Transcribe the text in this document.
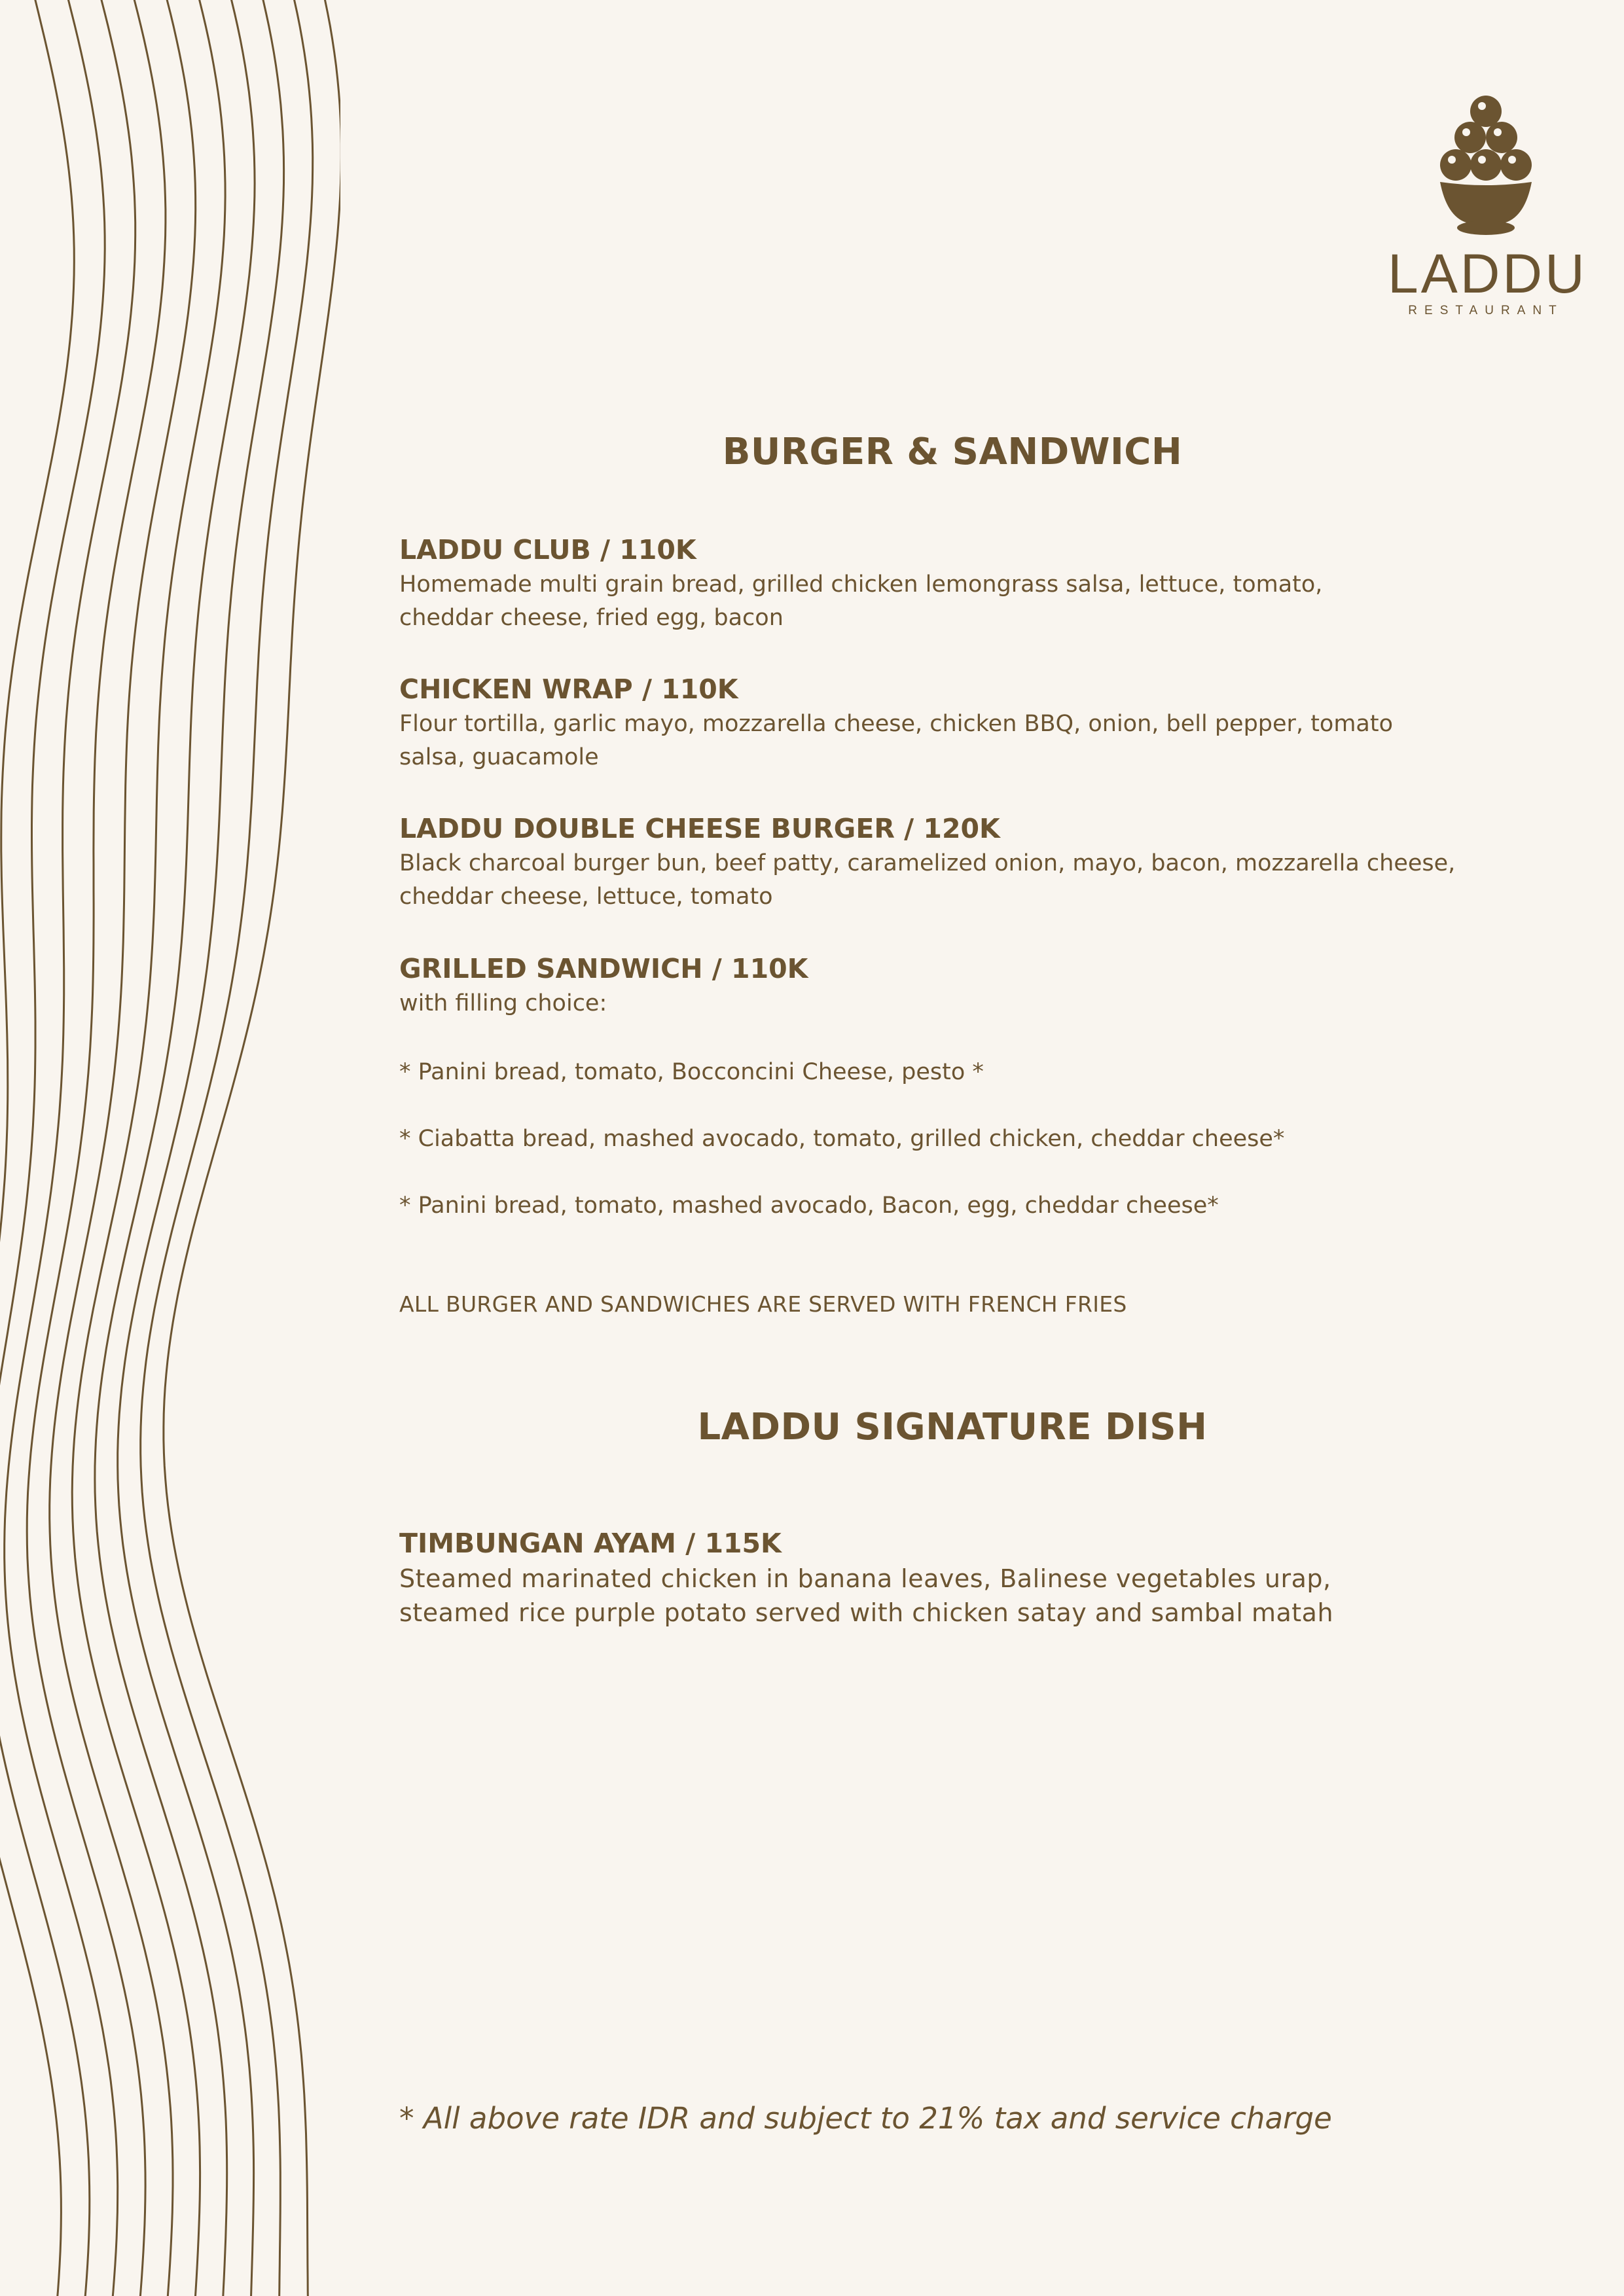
LADDU
RESTAURANT
BURGER & SANDWICH
LADDU CLUB / 110K
Homemade multi grain bread, grilled chicken lemongrass salsa, lettuce, tomato,
cheddar cheese, fried egg, bacon
CHICKEN WRAP / 110K
Flour tortilla, garlic mayo, mozzarella cheese, chicken BBQ, onion, bell pepper, tomato
salsa, guacamole
LADDU DOUBLE CHEESE BURGER / 120K
Black charcoal burger bun, beef patty, caramelized onion, mayo, bacon, mozzarella cheese,
cheddar cheese, lettuce, tomato
GRILLED SANDWICH / 110K
with filling choice:
* Panini bread, tomato, Bocconcini Cheese, pesto *
* Ciabatta bread, mashed avocado, tomato, grilled chicken, cheddar cheese*
* Panini bread, tomato, mashed avocado, Bacon, egg, cheddar cheese*
ALL BURGER AND SANDWICHES ARE SERVED WITH FRENCH FRIES
LADDU SIGNATURE DISH
TIMBUNGAN AYAM / 115K
Steamed marinated chicken in banana leaves, Balinese vegetables urap,
steamed rice purple potato served with chicken satay and sambal matah
* All above rate IDR and subject to 21% tax and service charge
